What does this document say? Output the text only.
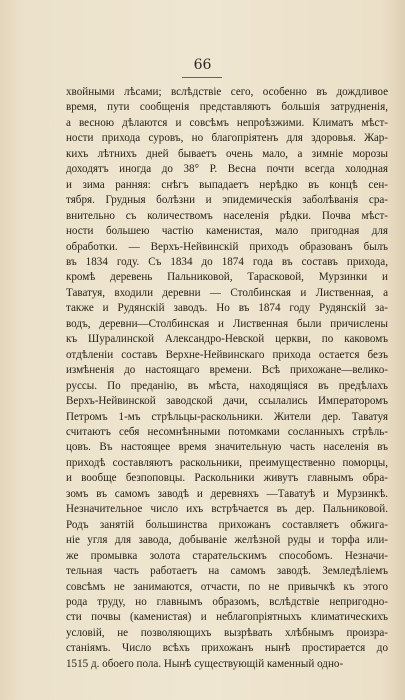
66
хвойными лѣсами; вслѣдствіе сего, особенно въ дождливое
время, пути сообщенія представляютъ большія затрудненія,
а весною дѣлаются и совсѣмъ непроѣзжими. Климатъ мѣст-
ности прихода суровъ, но благопріятенъ для здоровья. Жар-
кихъ лѣтнихъ дней бываетъ очень мало, а зимніе морозы
доходятъ иногда до 38° Р. Весна почти всегда холодная
и зима ранняя: снѣгъ выпадаетъ нерѣдко въ концѣ сен-
тября. Грудныя болѣзни и эпидемическія заболѣванія сра-
внительно съ количествомъ населенія рѣдки. Почва мѣст-
ности большею частію каменистая, мало пригодная для
обработки. — Верхъ-Нейвинскій приходъ образованъ былъ
въ 1834 году. Съ 1834 до 1874 года въ составъ прихода,
кромѣ деревень Пальниковой, Тарасковой, Мурзинки и
Таватуя, входили деревни — Столбинская и Лиственная, а
также и Рудянскій заводъ. Но въ 1874 году Рудянскій за-
водъ, деревни—Столбинская и Лиственная были причислены
къ Шуралинской Александро-Невской церкви, по каковомъ
отдѣленіи составъ Верхне-Нейвинскаго прихода остается безъ
измѣненія до настоящаго времени. Всѣ прихожане—велико-
руссы. По преданію, въ мѣста, находящіяся въ предѣлахъ
Верхъ-Нейвинской заводской дачи, ссылались Императоромъ
Петромъ 1-мъ стрѣльцы-раскольники. Жители дер. Таватуя
считаютъ себя несомнѣнными потомками сосланныхъ стрѣль-
цовъ. Въ настоящее время значительную часть населенія въ
приходѣ составляютъ раскольники, преимущественно поморцы,
и вообще безпоповцы. Раскольники живутъ главнымъ обра-
зомъ въ самомъ заводѣ и деревняхъ —Таватуѣ и Мурзинкѣ.
Незначительное число ихъ встрѣчается въ дер. Пальниковой.
Родъ занятій большинства прихожанъ составляетъ обжига-
ніе угля для завода, добываніе желѣзной руды и торфа или-
же промывка золота старательскимъ способомъ. Незначи-
тельная часть работаетъ на самомъ заводѣ. Земледѣліемъ
совсѣмъ не занимаются, отчасти, по не привычкѣ къ этого
рода труду, но главнымъ образомъ, вслѣдствіе непригодно-
сти почвы (каменистая) и неблагопріятныхъ климатическихъ
условій, не позволяющихъ вызрѣвать хлѣбнымъ произра-
станіямъ. Число всѣхъ прихожанъ нынѣ простирается до
1515 д. обоего пола. Нынѣ существующій каменный одно-
